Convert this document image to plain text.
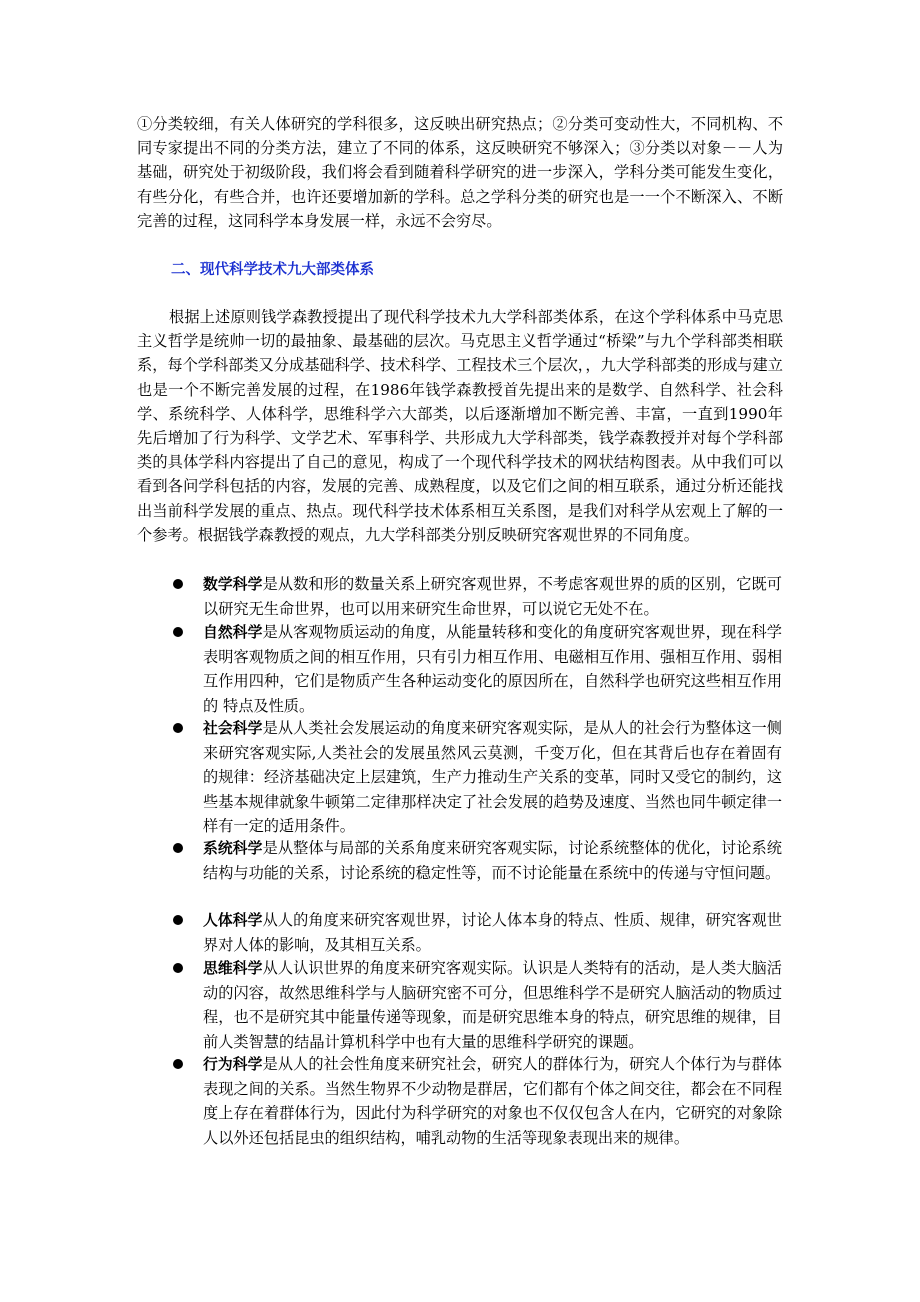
①分类较细，有关人体研究的学科很多，这反映出研究热点；②分类可变动性大，不同机构、不同专家提出不同的分类方法，建立了不同的体系，这反映研究不够深入；③分类以对象－－人为基础，研究处于初级阶段，我们将会看到随着科学研究的进一步深入，学科分类可能发生变化，有些分化，有些合并，也许还要增加新的学科。总之学科分类的研究也是一一个不断深入、不断完善的过程，这同科学本身发展一样，永远不会穷尽。

二、现代科学技术九大部类体系

根据上述原则钱学森教授提出了现代科学技术九大学科部类体系，在这个学科体系中马克思主义哲学是统帅一切的最抽象、最基础的层次。马克思主义哲学通过“桥梁”与九个学科部类相联系，每个学科部类又分成基础科学、技术科学、工程技术三个层次，，九大学科部类的形成与建立也是一个不断完善发展的过程，在1986年钱学森教授首先提出来的是数学、自然科学、社会科学、系统科学、人体科学，思维科学六大部类，以后逐渐增加不断完善、丰富，一直到1990年先后增加了行为科学、文学艺术、军事科学、共形成九大学科部类，钱学森教授并对每个学科部类的具体学科内容提出了自己的意见，构成了一个现代科学技术的网状结构图表。从中我们可以看到各问学科包括的内容，发展的完善、成熟程度，以及它们之间的相互联系，通过分析还能找出当前科学发展的重点、热点。现代科学技术体系相互关系图，是我们对科学从宏观上了解的一个参考。根据钱学森教授的观点，九大学科部类分别反映研究客观世界的不同角度。

数学科学是从数和形的数量关系上研究客观世界，不考虑客观世界的质的区别，它既可以研究无生命世界，也可以用来研究生命世界，可以说它无处不在。

自然科学是从客观物质运动的角度，从能量转移和变化的角度研究客观世界，现在科学表明客观物质之间的相互作用，只有引力相互作用、电磁相互作用、强相互作用、弱相互作用四种，它们是物质产生各种运动变化的原因所在，自然科学也研究这些相互作用的 特点及性质。

社会科学是从人类社会发展运动的角度来研究客观实际，是从人的社会行为整体这一侧来研究客观实际,人类社会的发展虽然风云莫测，千变万化，但在其背后也存在着固有的规律：经济基础决定上层建筑，生产力推动生产关系的变革，同时又受它的制约，这些基本规律就象牛顿第二定律那样决定了社会发展的趋势及速度、当然也同牛顿定律一样有一定的适用条件。

系统科学是从整体与局部的关系角度来研究客观实际，讨论系统整体的优化，讨论系统结构与功能的关系，讨论系统的稳定性等，而不讨论能量在系统中的传递与守恒问题。

人体科学从人的角度来研究客观世界，讨论人体本身的特点、性质、规律，研究客观世界对人体的影响，及其相互关系。

思维科学从人认识世界的角度来研究客观实际。认识是人类特有的活动，是人类大脑活动的闪容，故然思维科学与人脑研究密不可分，但思维科学不是研究人脑活动的物质过程，也不是研究其中能量传递等现象，而是研究思维本身的特点，研究思维的规律，目前人类智慧的结晶计算机科学中也有大量的思维科学研究的课题。

行为科学是从人的社会性角度来研究社会，研究人的群体行为，研究人个体行为与群体表现之间的关系。当然生物界不少动物是群居，它们都有个体之间交往，都会在不同程度上存在着群体行为，因此付为科学研究的对象也不仅仅包含人在内，它研究的对象除人以外还包括昆虫的组织结构，哺乳动物的生活等现象表现出来的规律。
